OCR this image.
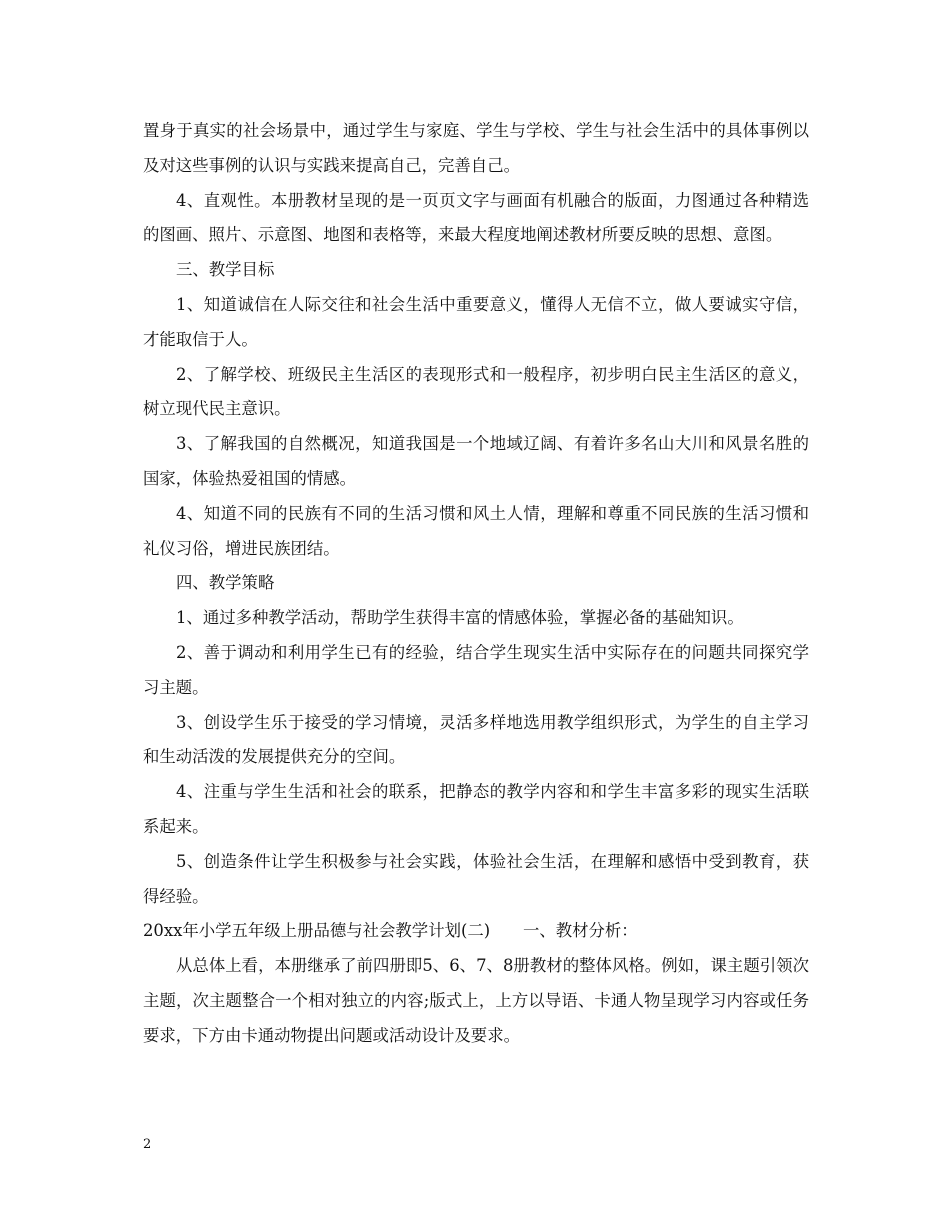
置身于真实的社会场景中，通过学生与家庭、学生与学校、学生与社会生活中的具体事例以及对这些事例的认识与实践来提高自己，完善自己。

4、直观性。本册教材呈现的是一页页文字与画面有机融合的版面，力图通过各种精选的图画、照片、示意图、地图和表格等，来最大程度地阐述教材所要反映的思想、意图。

三、教学目标

1、知道诚信在人际交往和社会生活中重要意义，懂得人无信不立，做人要诚实守信，才能取信于人。

2、了解学校、班级民主生活区的表现形式和一般程序，初步明白民主生活区的意义，树立现代民主意识。

3、了解我国的自然概况，知道我国是一个地域辽阔、有着许多名山大川和风景名胜的国家，体验热爱祖国的情感。

4、知道不同的民族有不同的生活习惯和风土人情，理解和尊重不同民族的生活习惯和礼仪习俗，增进民族团结。

四、教学策略

1、通过多种教学活动，帮助学生获得丰富的情感体验，掌握必备的基础知识。

2、善于调动和利用学生已有的经验，结合学生现实生活中实际存在的问题共同探究学习主题。

3、创设学生乐于接受的学习情境，灵活多样地选用教学组织形式，为学生的自主学习和生动活泼的发展提供充分的空间。

4、注重与学生生活和社会的联系，把静态的教学内容和和学生丰富多彩的现实生活联系起来。

5、创造条件让学生积极参与社会实践，体验社会生活，在理解和感悟中受到教育，获得经验。

20xx年小学五年级上册品德与社会教学计划(二)　　一、教材分析：

从总体上看，本册继承了前四册即5、6、7、8册教材的整体风格。例如，课主题引领次主题，次主题整合一个相对独立的内容;版式上，上方以导语、卡通人物呈现学习内容或任务要求，下方由卡通动物提出问题或活动设计及要求。

2
